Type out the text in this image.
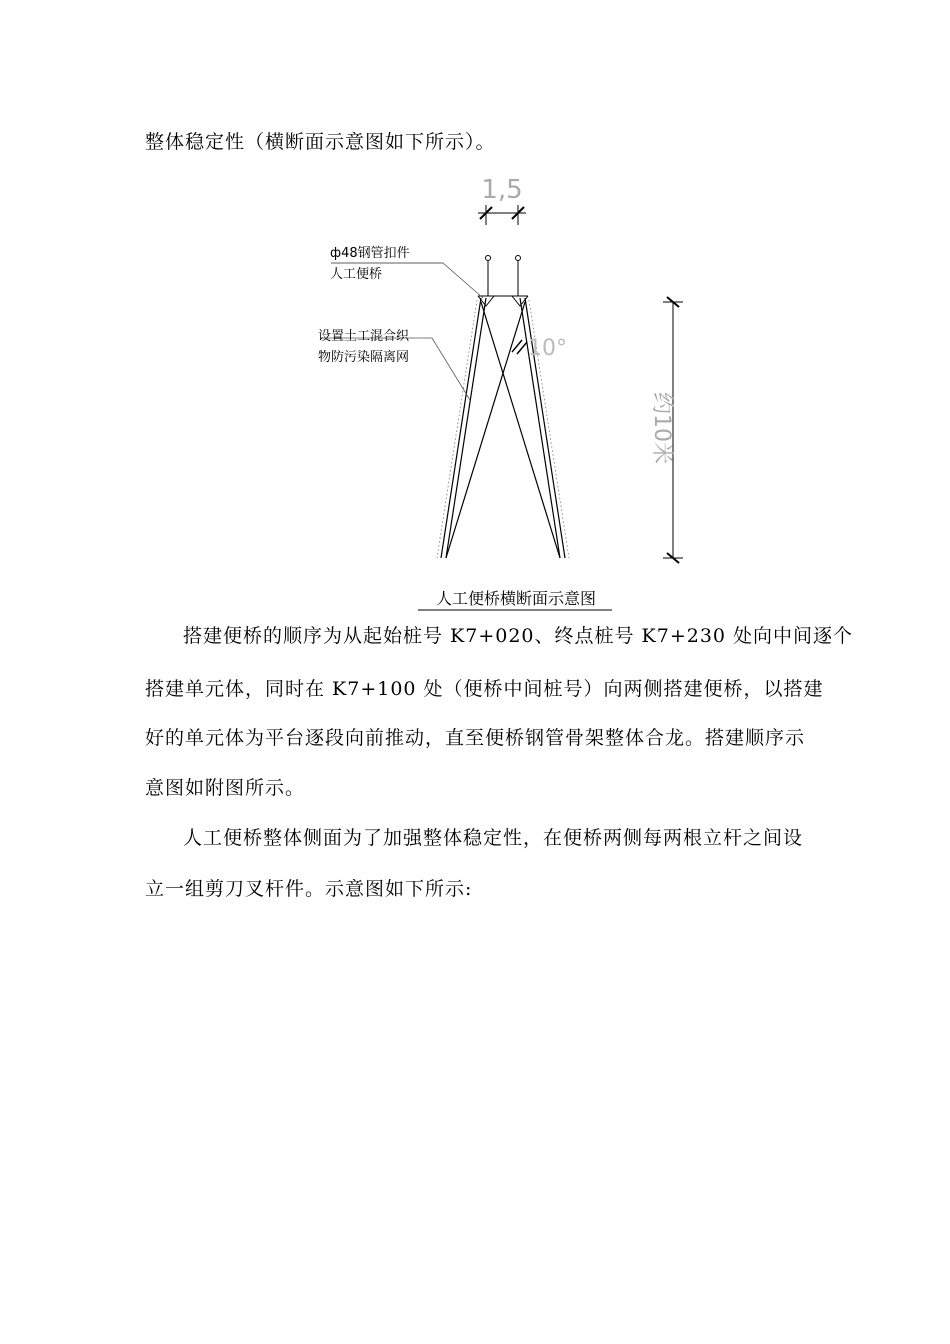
整体稳定性（横断面示意图如下所示）。
1,5
ф48钢管扣件
人工便桥
设置土工混合织
物防污染隔离网	10°
约10米
人工便桥横断面示意图
搭建便桥的顺序为从起始桩号 K7+020、终点桩号 K7+230 处向中间逐个
搭建单元体，同时在 K7+100 处（便桥中间桩号）向两侧搭建便桥，以搭建
好的单元体为平台逐段向前推动，直至便桥钢管骨架整体合龙。搭建顺序示
意图如附图所示。
人工便桥整体侧面为了加强整体稳定性，在便桥两侧每两根立杆之间设
立一组剪刀叉杆件。示意图如下所示:
